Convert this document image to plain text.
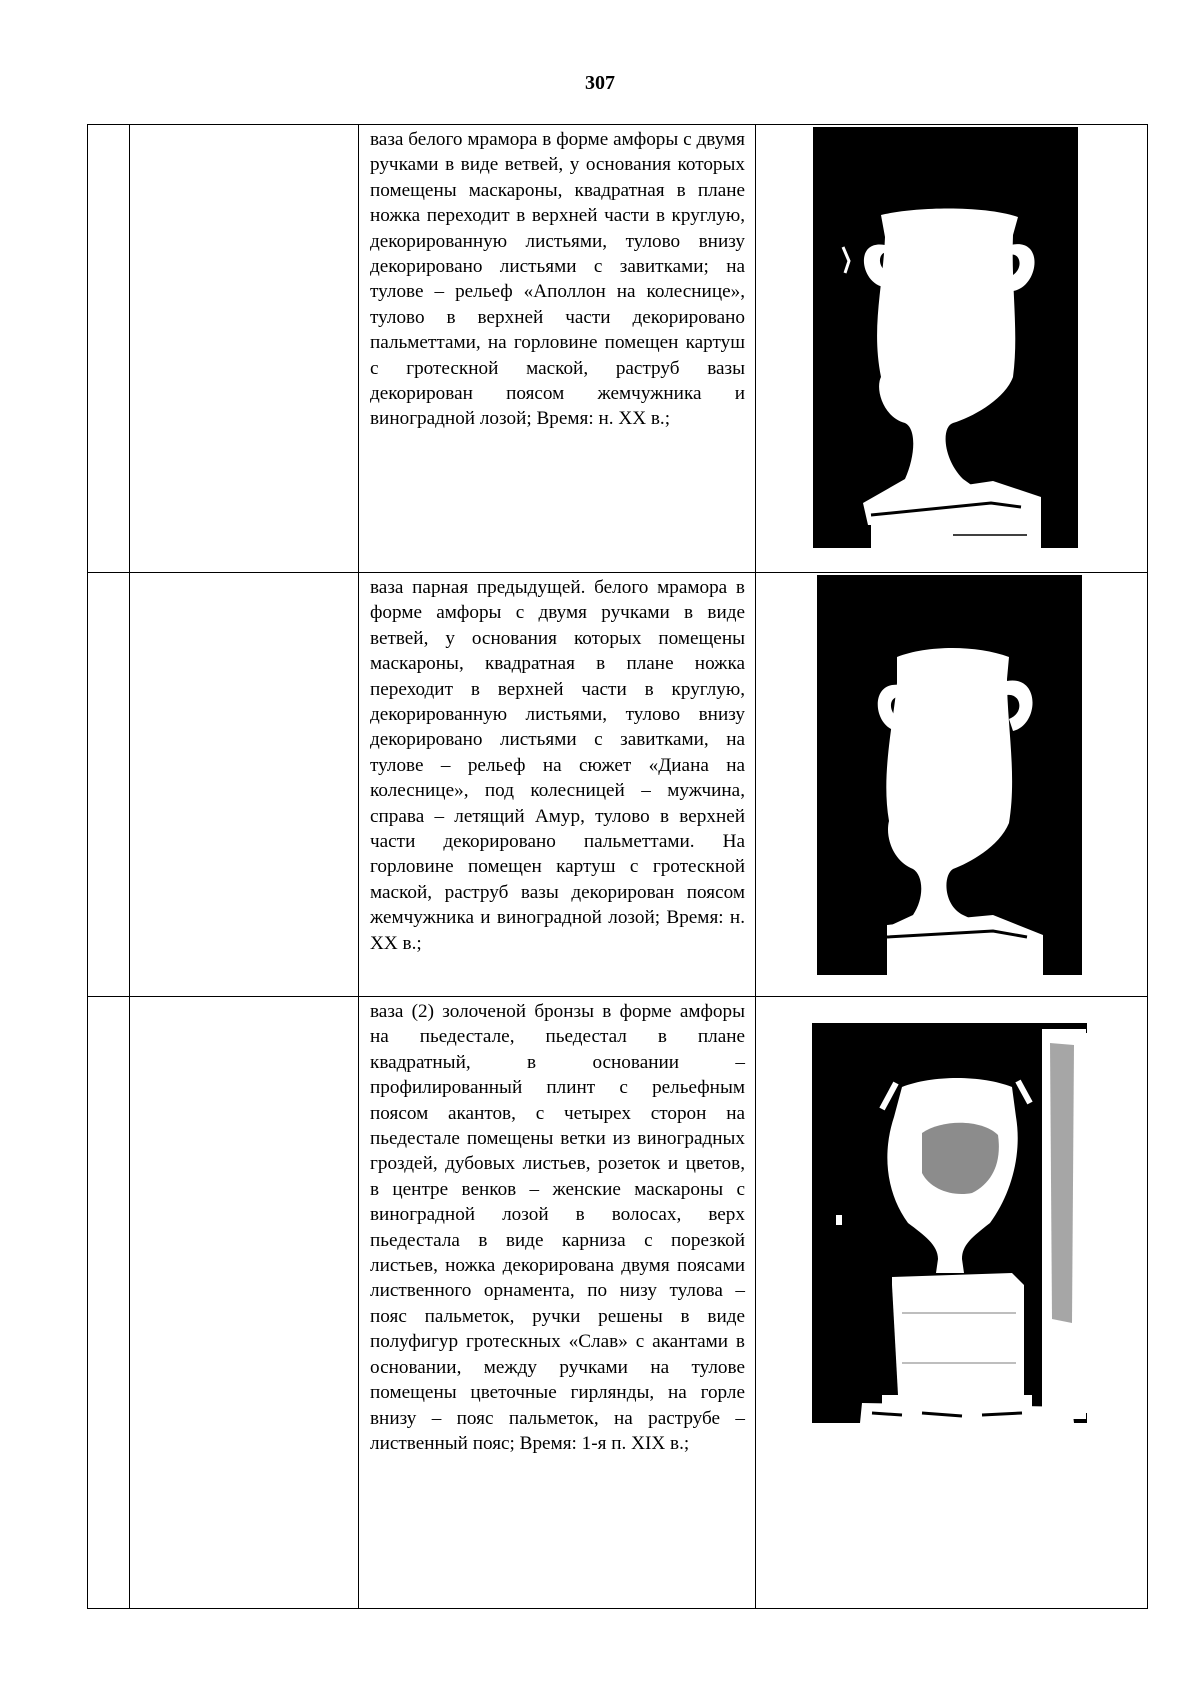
307

		ваза белого мрамора в форме амфоры с двумя ручками в виде ветвей, у основания которых помещены маскароны, квадратная в плане ножка переходит в верхней части в круглую, декорированную листьями, тулово внизу декорировано листьями с завитками; на тулове – рельеф «Аполлон на колеснице», тулово в верхней части декорировано пальметтами, на горловине помещен картуш с гротескной маской, раструб вазы декорирован поясом жемчужника и виноградной лозой; Время: н. XX в.;

		ваза парная предыдущей. белого мрамора в форме амфоры с двумя ручками в виде ветвей, у основания которых помещены маскароны, квадратная в плане ножка переходит в верхней части в круглую, декорированную листьями, тулово внизу декорировано листьями с завитками, на тулове – рельеф на сюжет «Диана на колеснице», под колесницей – мужчина, справа – летящий Амур, тулово в верхней части декорировано пальметтами. На горловине помещен картуш с гротескной маской, раструб вазы декорирован поясом жемчужника и виноградной лозой; Время: н. XX в.;

		ваза (2) золоченой бронзы в форме амфоры на пьедестале, пьедестал в плане квадратный, в основании – профилированный плинт с рельефным поясом акантов, с четырех сторон на пьедестале помещены ветки из виноградных гроздей, дубовых листьев, розеток и цветов, в центре венков – женские маскароны с виноградной лозой в волосах, верх пьедестала в виде карниза с порезкой листьев, ножка декорирована двумя поясами лиственного орнамента, по низу тулова – пояс пальметок, ручки решены в виде полуфигур гротескных «Слав» с акантами в основании, между ручками на тулове помещены цветочные гирлянды, на горле внизу – пояс пальметок, на раструбе – лиственный пояс; Время: 1-я п. XIX в.;
